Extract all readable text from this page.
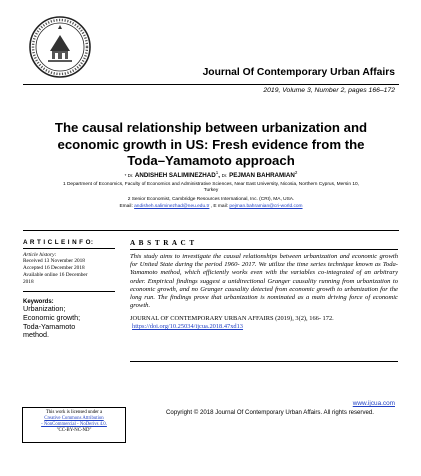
Journal Of Contemporary Urban Affairs
2019, Volume 3, Number 2, pages 166–172
The causal relationship between urbanization and
economic growth in US: Fresh evidence from the
Toda–Yamamoto approach
* Dr. ANDISHEH SALIMINEZHAD$^1$, Dr. PEJMAN BAHRAMIAN$^2$
1 Department of Economics, Faculty of Economics and Administrative Sciences, Near East University, Nicosia, Northern Cyprus, Mersin 10,
Turkey
2 Senior Economist, Cambridge Resources International, Inc. (CRI), MA, USA.
Email: andisheh.saliminezhad@neu.edu.tr , E mail: pejman.bahramian@cri-world.com
A R T I C L E I N F O:
Article history:
Received 13 November 2018
Accepted 16 December 2018
Available online 16 December
2018
Keywords:
Urbanization;
Economic growth;
Toda-Yamamoto
method.
A B S T R A C T
This study aims to investigate the causal relationships between urbanization and economic growth for United State during the period 1960- 2017. We utilize the time series technique known as Toda-Yamamoto method, which efficiently works even with the variables co-integrated of an arbitrary order. Empirical findings suggest a unidirectional Granger causality running from urbanization to economic growth, and no Granger causality detected from economic growth to urbanization for the long run. The findings prove that urbanization is nominated as a main driving force of economic growth.
JOURNAL OF CONTEMPORARY URBAN AFFAIRS (2019), 3(2), 166- 172.
https://doi.org/10.25034/ijcua.2018.47xd13
www.ijcua.com
Copyright © 2018 Journal Of Contemporary Urban Affairs. All rights reserved.
This work is licensed under a
Creative Commons Attribution
- NonCommercial - NoDerivs 4.0.
"CC-BY-NC-ND"
